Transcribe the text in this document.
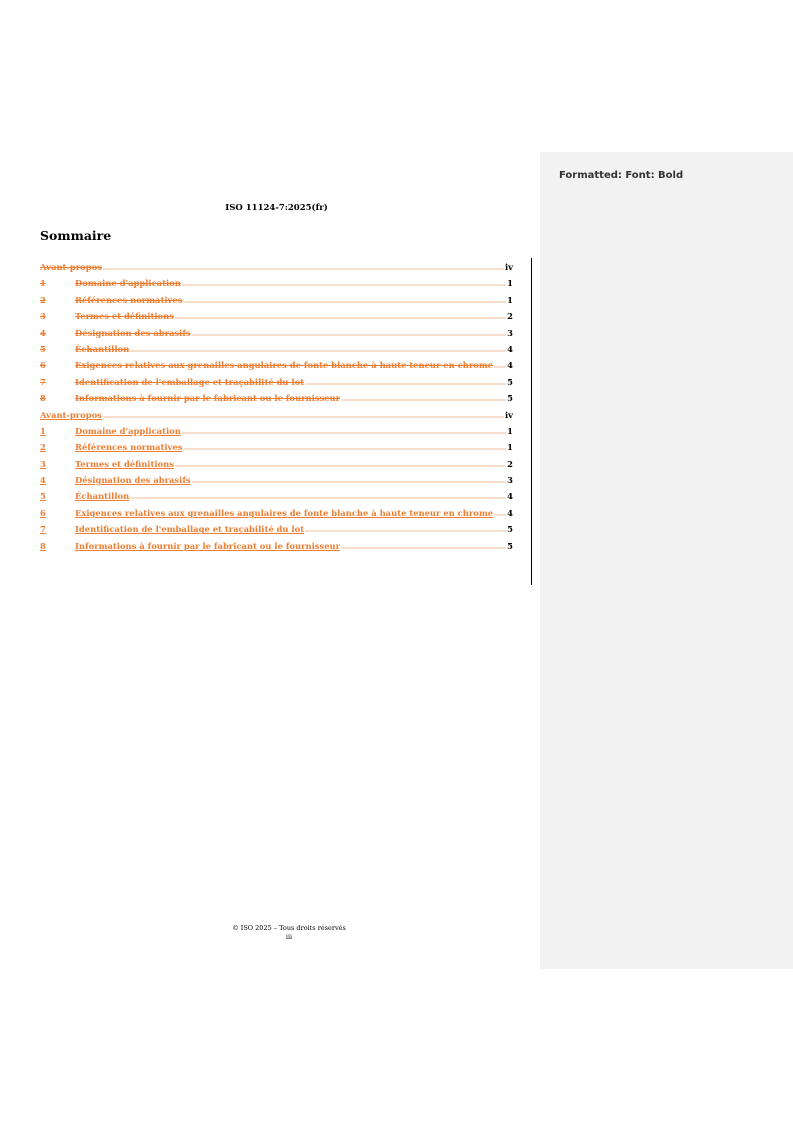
Formatted: Font: Bold
ISO 11124-7:2025(fr)
Sommaire
Avant-propos	iv
1	Domaine d'application	1
2	Références normatives	1
3	Termes et définitions	2
4	Désignation des abrasifs	3
5	Échantillon	4
6	Exigences relatives aux grenailles angulaires de fonte blanche à haute teneur en chrome 4
7	Identification de l'emballage et traçabilité du lot	5
8	Informations à fournir par le fabricant ou le fournisseur	5
Avant-propos	iv
1	Domaine d'application	1
2	Références normatives	1
3	Termes et définitions	2
4	Désignation des abrasifs	3
5	Échantillon	4
6	Exigences relatives aux grenailles angulaires de fonte blanche à haute teneur en chrome 4
7	Identification de l'emballage et traçabilité du lot	5
8	Informations à fournir par le fabricant ou le fournisseur	5
© ISO 2025 – Tous droits réservés
iii
